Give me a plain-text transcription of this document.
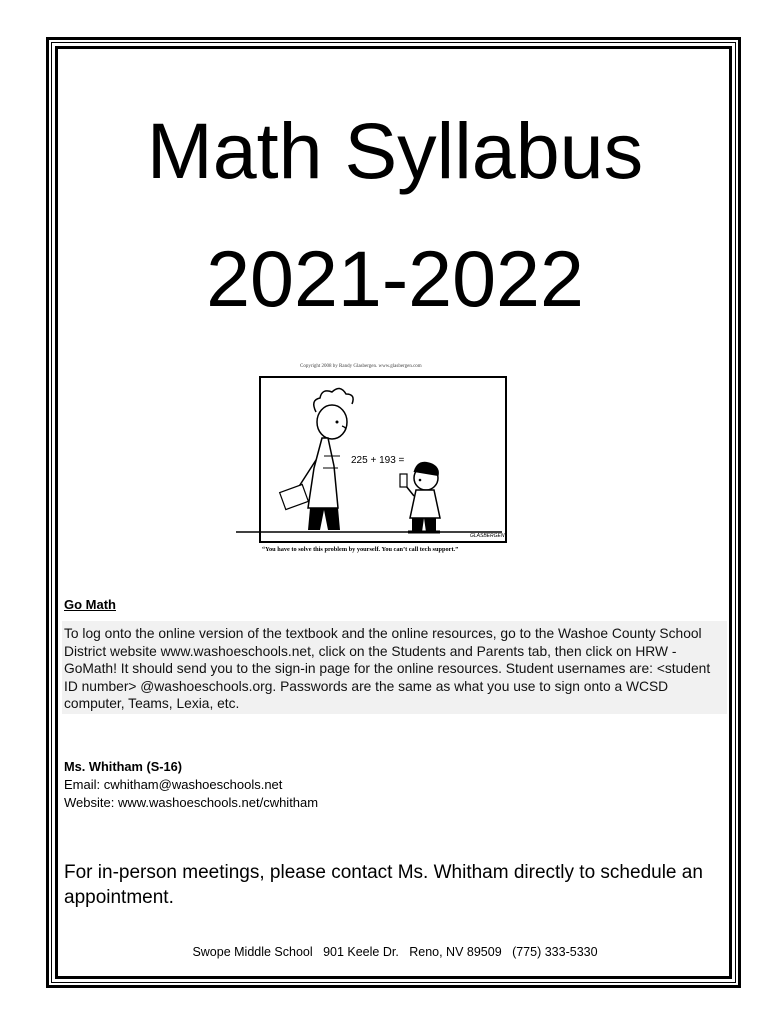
Math Syllabus
2021-2022
Copyright 2008 by Randy Glasbergen. www.glasbergen.com
225 + 193 =
GLASBERGEN
“You have to solve this problem by yourself. You can’t call tech support.”
Go Math

To log onto the online version of the textbook and the online resources, go to the Washoe County School District website www.washoeschools.net, click on the Students and Parents tab, then click on HRW - GoMath! It should send you to the sign-in page for the online resources. Student usernames are: <student ID number> @washoeschools.org. Passwords are the same as what you use to sign onto a WCSD computer, Teams, Lexia, etc.

Ms. Whitham (S-16)
Email: cwhitham@washoeschools.net
Website: www.washoeschools.net/cwhitham

For in-person meetings, please contact Ms. Whitham directly to schedule an appointment.

Swope Middle School   901 Keele Dr.   Reno, NV 89509   (775) 333-5330
